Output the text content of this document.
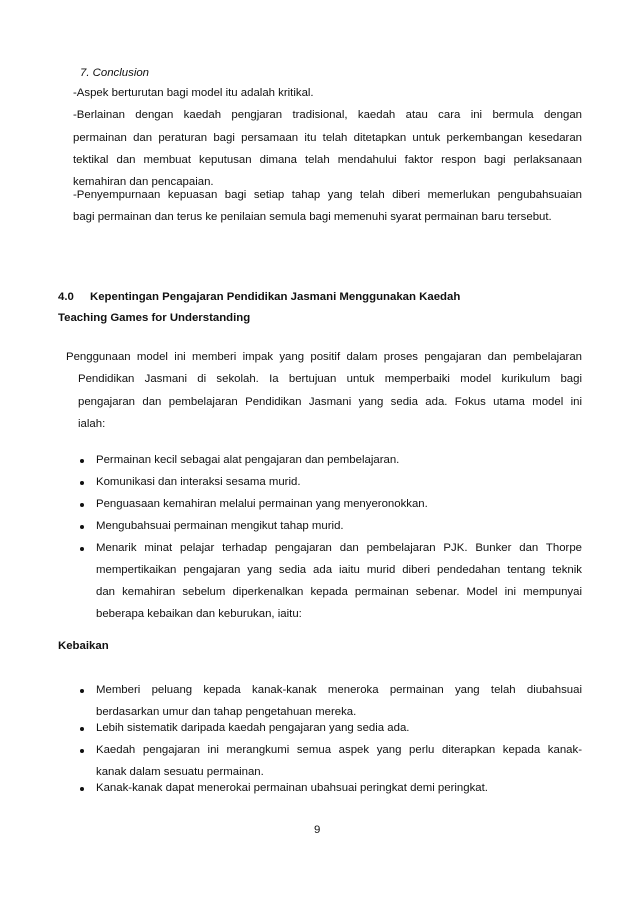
7. Conclusion
-Aspek berturutan bagi model itu adalah kritikal.
-Berlainan dengan kaedah pengjaran tradisional, kaedah atau cara ini bermula dengan
permainan dan peraturan bagi persamaan itu telah ditetapkan untuk perkembangan kesedaran
tektikal dan membuat keputusan dimana telah mendahului faktor respon bagi perlaksanaan
kemahiran dan pencapaian.
-Penyempurnaan kepuasan bagi setiap tahap yang telah diberi memerlukan pengubahsuaian
bagi permainan dan terus ke penilaian semula bagi memenuhi syarat permainan baru tersebut.
4.0 Kepentingan Pengajaran Pendidikan Jasmani Menggunakan Kaedah
Teaching Games for Understanding
Penggunaan model ini memberi impak yang positif dalam proses pengajaran dan pembelajaran
Pendidikan Jasmani di sekolah. Ia bertujuan untuk memperbaiki model kurikulum bagi
pengajaran dan pembelajaran Pendidikan Jasmani yang sedia ada. Fokus utama model ini
ialah:
Permainan kecil sebagai alat pengajaran dan pembelajaran.
Komunikasi dan interaksi sesama murid.
Penguasaan kemahiran melalui permainan yang menyeronokkan.
Mengubahsuai permainan mengikut tahap murid.
Menarik minat pelajar terhadap pengajaran dan pembelajaran PJK. Bunker dan Thorpe
mempertikaikan pengajaran yang sedia ada iaitu murid diberi pendedahan tentang teknik
dan kemahiran sebelum diperkenalkan kepada permainan sebenar. Model ini mempunyai
beberapa kebaikan dan keburukan, iaitu:
Kebaikan
Memberi peluang kepada kanak-kanak meneroka permainan yang telah diubahsuai
berdasarkan umur dan tahap pengetahuan mereka.
Lebih sistematik daripada kaedah pengajaran yang sedia ada.
Kaedah pengajaran ini merangkumi semua aspek yang perlu diterapkan kepada kanak-
kanak dalam sesuatu permainan.
Kanak-kanak dapat menerokai permainan ubahsuai peringkat demi peringkat.
9
